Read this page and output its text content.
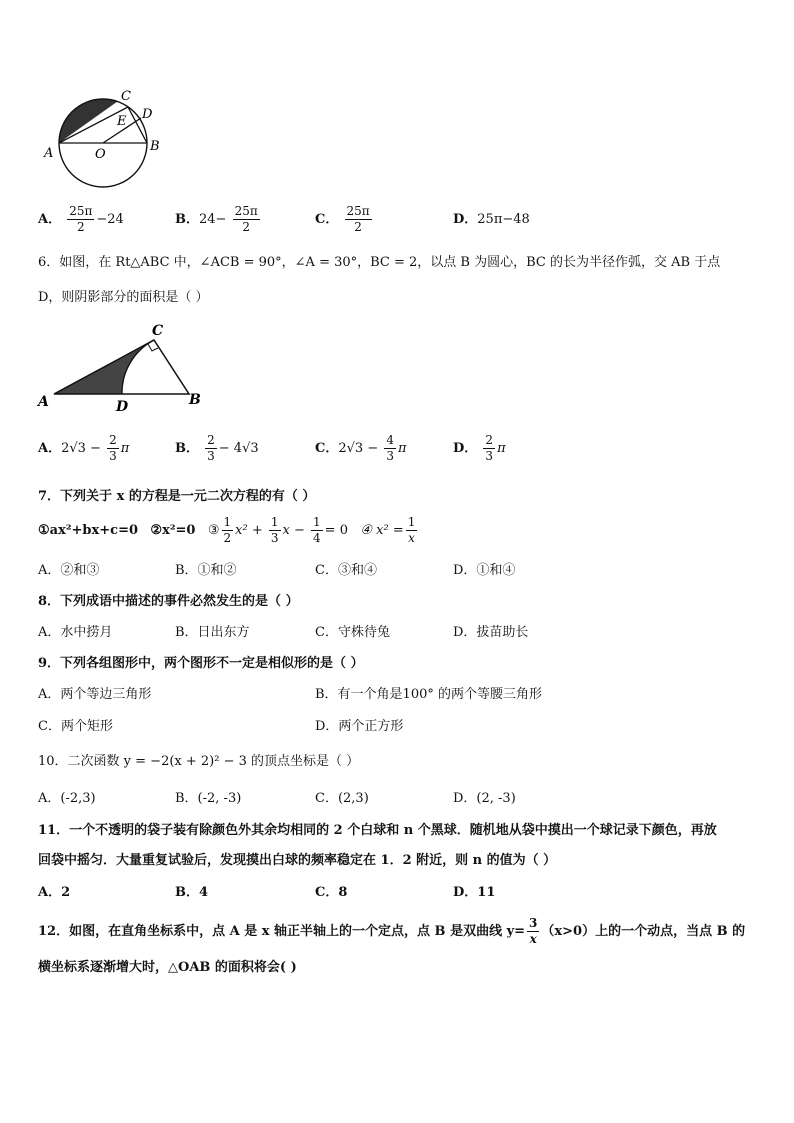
A	O
B
C
D
E
A． $\frac{25\pi}{2} -24$	B．$24- \frac{25\pi}{2}$	C． $\frac{25\pi}{2}$	D．25π−48
6．如图，在 Rt△ABC 中，∠ACB = 90°，∠A = 30°，BC = 2，以点 B 为圆心，BC 的长为半径作弧，交 AB 于点
D，则阴影部分的面积是（ ）
A
C
D	B
A．$2√3 - \frac{2}{3}$ π	B． $\frac{2}{3} - 4√3$	C．$2√3 - \frac{4}{3}$ π	D． $\frac{2}{3}$ π
7．下列关于 x 的方程是一元二次方程的有（ ）
①ax²+bx+c=0 ②x²=0 ③ $\frac{1}{2} x^2 + \frac{1}{3}$ $x - \frac{1}{4} = 0$ ④ $x^2 = \frac{1}{x}$
A．②和③	B．①和②	C．③和④	D．①和④
8．下列成语中描述的事件必然发生的是（ ）
A．水中捞月	B．日出东方	C．守株待兔	D．拔苗助长
9．下列各组图形中，两个图形不一定是相似形的是（ ）
A．两个等边三角形	B．有一个角是100° 的两个等腰三角形
C．两个矩形	D．两个正方形
10．二次函数 y = −2(x + 2)² − 3 的顶点坐标是（ ）
A．(-2,3)	B．(-2, -3)	C．(2,3)	D．(2, -3)
11．一个不透明的袋子装有除颜色外其余均相同的 2 个白球和 n 个黑球．随机地从袋中摸出一个球记录下颜色，再放
回袋中摇匀．大量重复试验后，发现摸出白球的频率稳定在 1．2 附近，则 n 的值为（ ）
A．2	B．4	C．8	D．11
12．如图，在直角坐标系中，点 A 是 x 轴正半轴上的一个定点，点 B 是双曲线 $y= \frac{3}{x} (x>0)$上的一个动点，当点 B 的
横坐标系逐渐增大时，△OAB 的面积将会( )
